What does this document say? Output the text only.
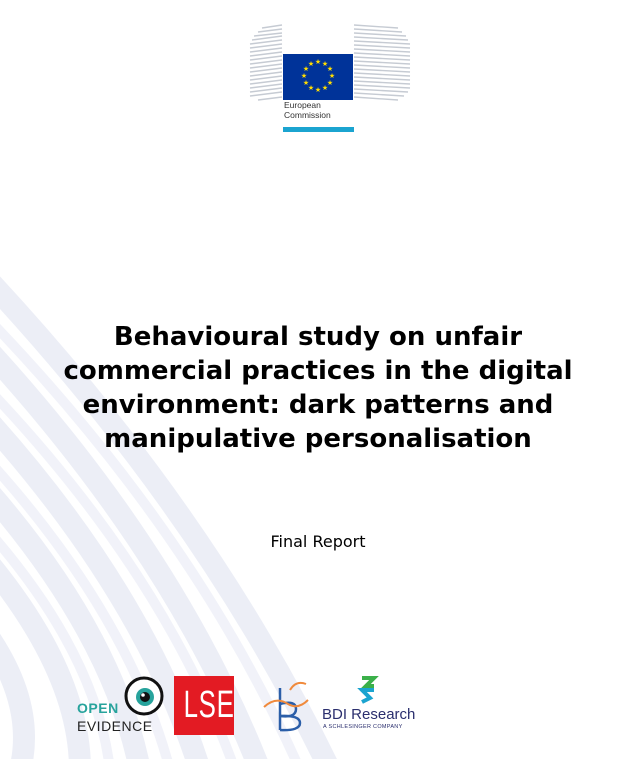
★ ★
★
★
★
★
★
★
★
★
★
★
European
Commission
Behavioural study on unfair commercial practices in the digital environment: dark patterns and manipulative personalisation
Final Report
OPEN
EVIDENCE LSE	BDI Research
A SCHLESINGER COMPANY
